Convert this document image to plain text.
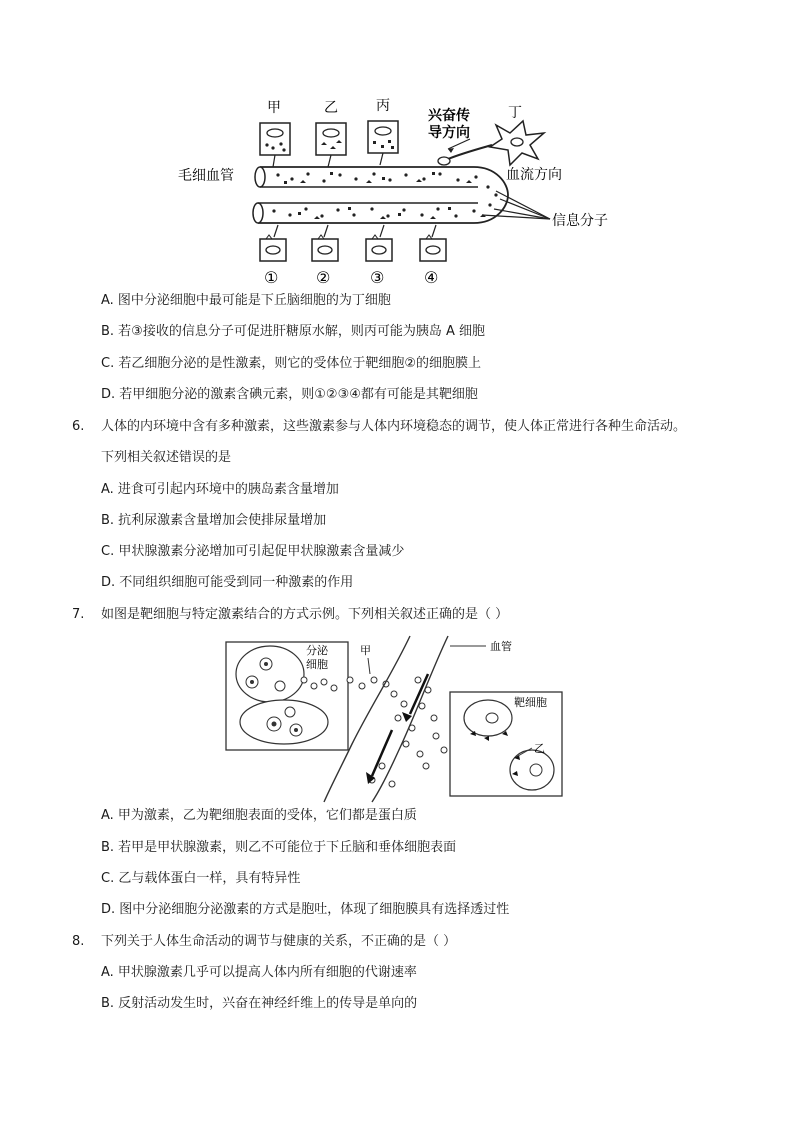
甲	乙	丙
兴奋传
导方向
丁
毛细血管	血流方向
信息分子
① ② ③ ④
A. 图中分泌细胞中最可能是下丘脑细胞的为丁细胞
B. 若③接收的信息分子可促进肝糖原水解，则丙可能为胰岛 A 细胞
C. 若乙细胞分泌的是性激素，则它的受体位于靶细胞②的细胞膜上
D. 若甲细胞分泌的激素含碘元素，则①②③④都有可能是其靶细胞
6. 人体的内环境中含有多种激素，这些激素参与人体内环境稳态的调节，使人体正常进行各种生命活动。
下列相关叙述错误的是
A. 进食可引起内环境中的胰岛素含量增加
B. 抗利尿激素含量增加会使排尿量增加
C. 甲状腺激素分泌增加可引起促甲状腺激素含量减少
D. 不同组织细胞可能受到同一种激素的作用
7. 如图是靶细胞与特定激素结合的方式示例。下列相关叙述正确的是（ ）
分泌
细胞
甲	血管
靶细胞
乙
A. 甲为激素，乙为靶细胞表面的受体，它们都是蛋白质
B. 若甲是甲状腺激素，则乙不可能位于下丘脑和垂体细胞表面
C. 乙与载体蛋白一样，具有特异性
D. 图中分泌细胞分泌激素的方式是胞吐，体现了细胞膜具有选择透过性
8. 下列关于人体生命活动的调节与健康的关系，不正确的是（ ）
A. 甲状腺激素几乎可以提高人体内所有细胞的代谢速率
B. 反射活动发生时，兴奋在神经纤维上的传导是单向的
